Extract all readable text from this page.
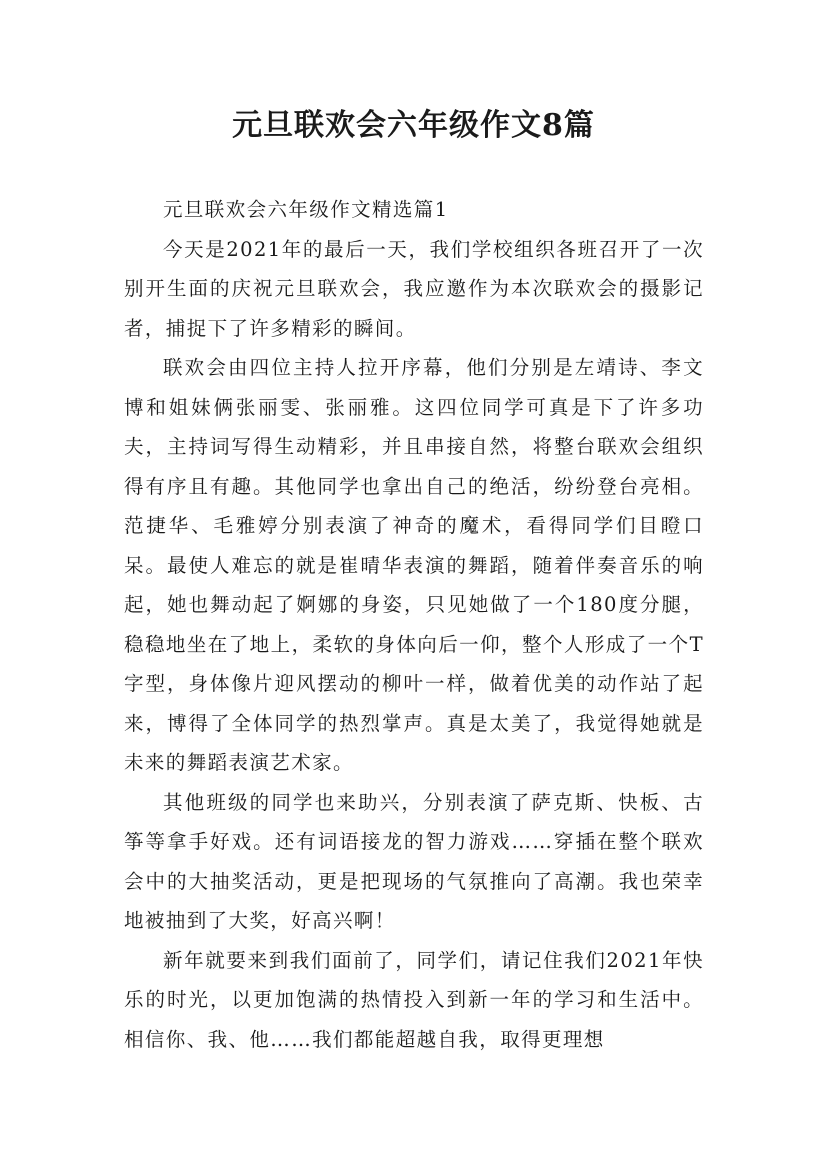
元旦联欢会六年级作文8篇

元旦联欢会六年级作文精选篇1

今天是2021年的最后一天，我们学校组织各班召开了一次别开生面的庆祝元旦联欢会，我应邀作为本次联欢会的摄影记者，捕捉下了许多精彩的瞬间。

联欢会由四位主持人拉开序幕，他们分别是左靖诗、李文博和姐妹俩张丽雯、张丽雅。这四位同学可真是下了许多功夫，主持词写得生动精彩，并且串接自然，将整台联欢会组织得有序且有趣。其他同学也拿出自己的绝活，纷纷登台亮相。范捷华、毛雅婷分别表演了神奇的魔术，看得同学们目瞪口呆。最使人难忘的就是崔晴华表演的舞蹈，随着伴奏音乐的响起，她也舞动起了婀娜的身姿，只见她做了一个180度分腿，稳稳地坐在了地上，柔软的身体向后一仰，整个人形成了一个T字型，身体像片迎风摆动的柳叶一样，做着优美的动作站了起来，博得了全体同学的热烈掌声。真是太美了，我觉得她就是未来的舞蹈表演艺术家。

其他班级的同学也来助兴，分别表演了萨克斯、快板、古筝等拿手好戏。还有词语接龙的智力游戏……穿插在整个联欢会中的大抽奖活动，更是把现场的气氛推向了高潮。我也荣幸地被抽到了大奖，好高兴啊！

新年就要来到我们面前了，同学们，请记住我们2021年快乐的时光，以更加饱满的热情投入到新一年的学习和生活中。相信你、我、他……我们都能超越自我，取得更理想
